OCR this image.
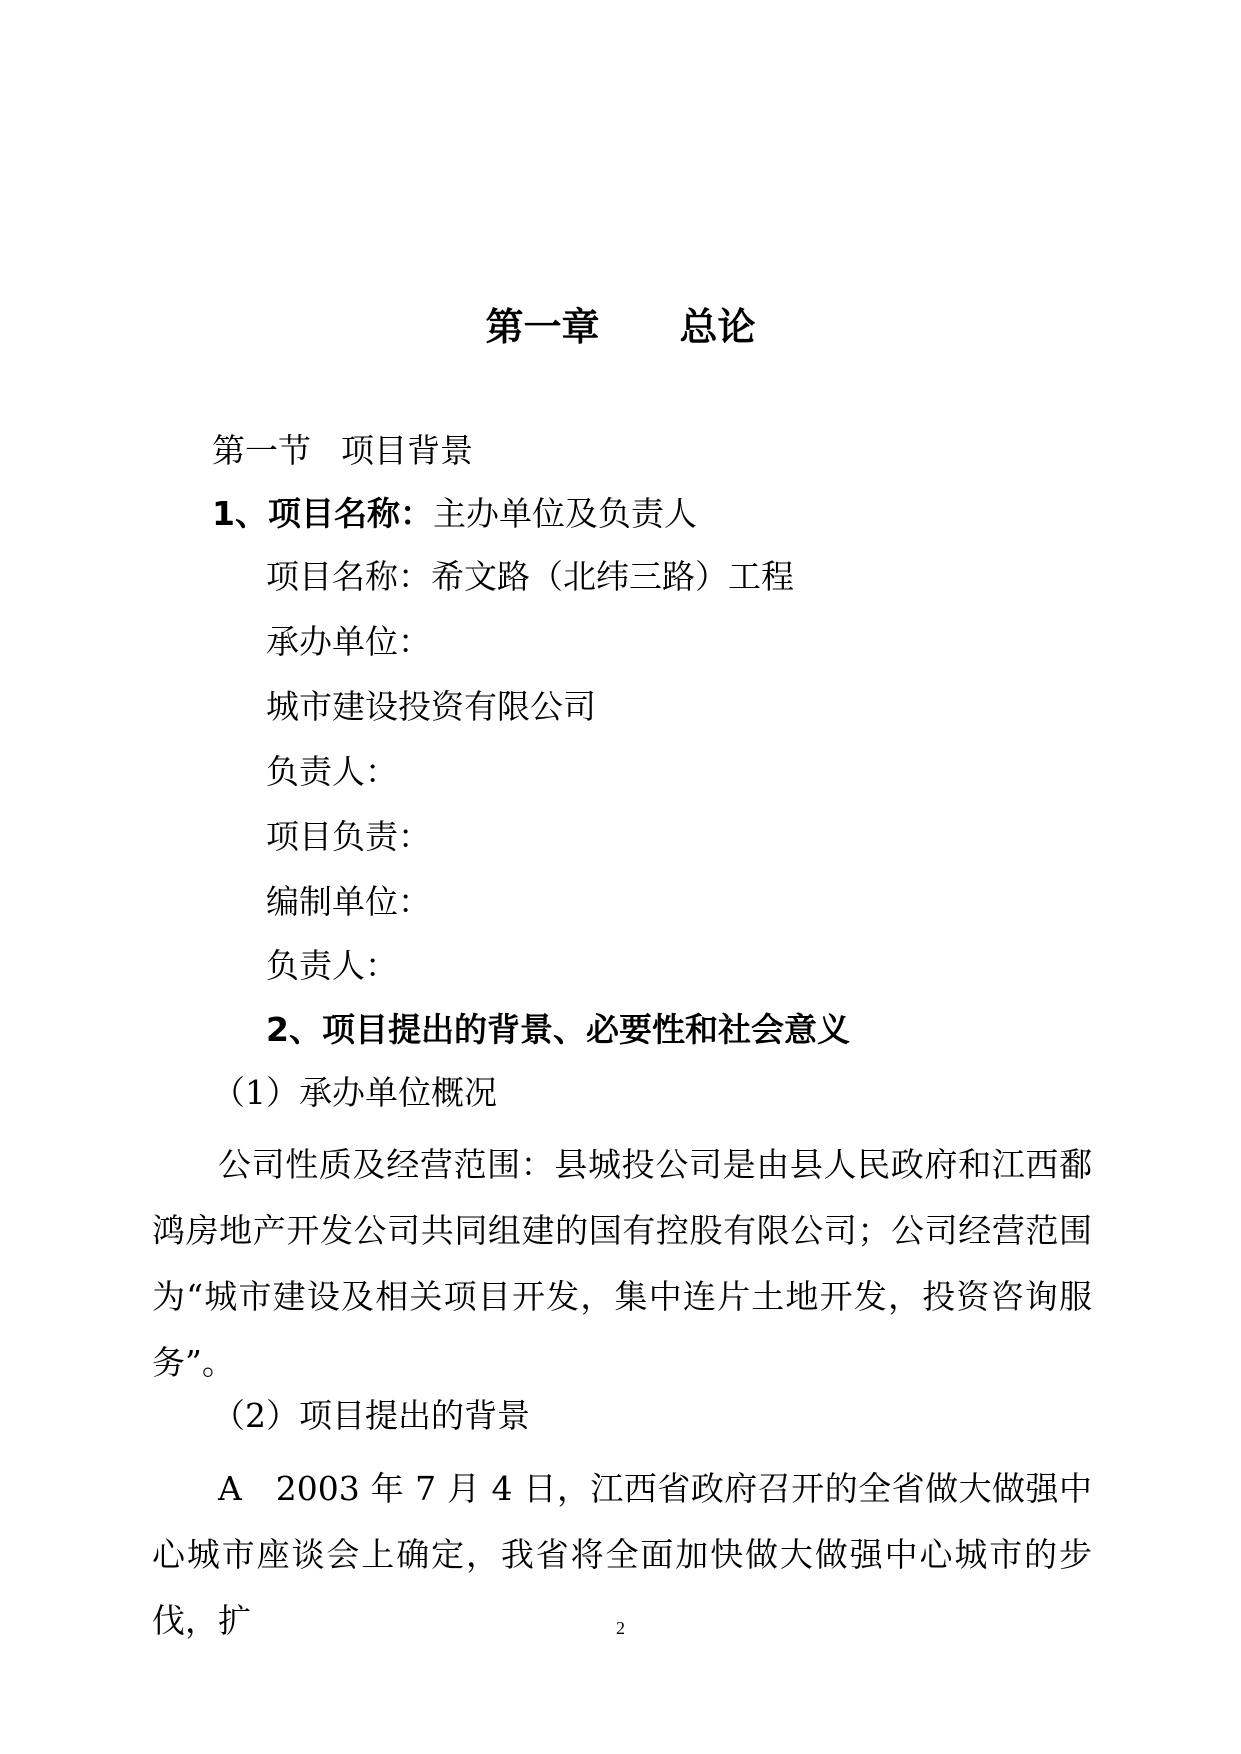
第一章 总论
第一节 项目背景
1、项目名称：主办单位及负责人
项目名称：希文路（北纬三路）工程
承办单位：
城市建设投资有限公司
负责人：
项目负责：
编制单位：
负责人：
2、项目提出的背景、必要性和社会意义
（1）承办单位概况
公司性质及经营范围：县城投公司是由县人民政府和江西鄱鸿房地产开发公司共同组建的国有控股有限公司；公司经营范围为“城市建设及相关项目开发，集中连片土地开发，投资咨询服务”。
（2）项目提出的背景
A　2003 年 7 月 4 日，江西省政府召开的全省做大做强中心城市座谈会上确定，我省将全面加快做大做强中心城市的步伐，扩	2
